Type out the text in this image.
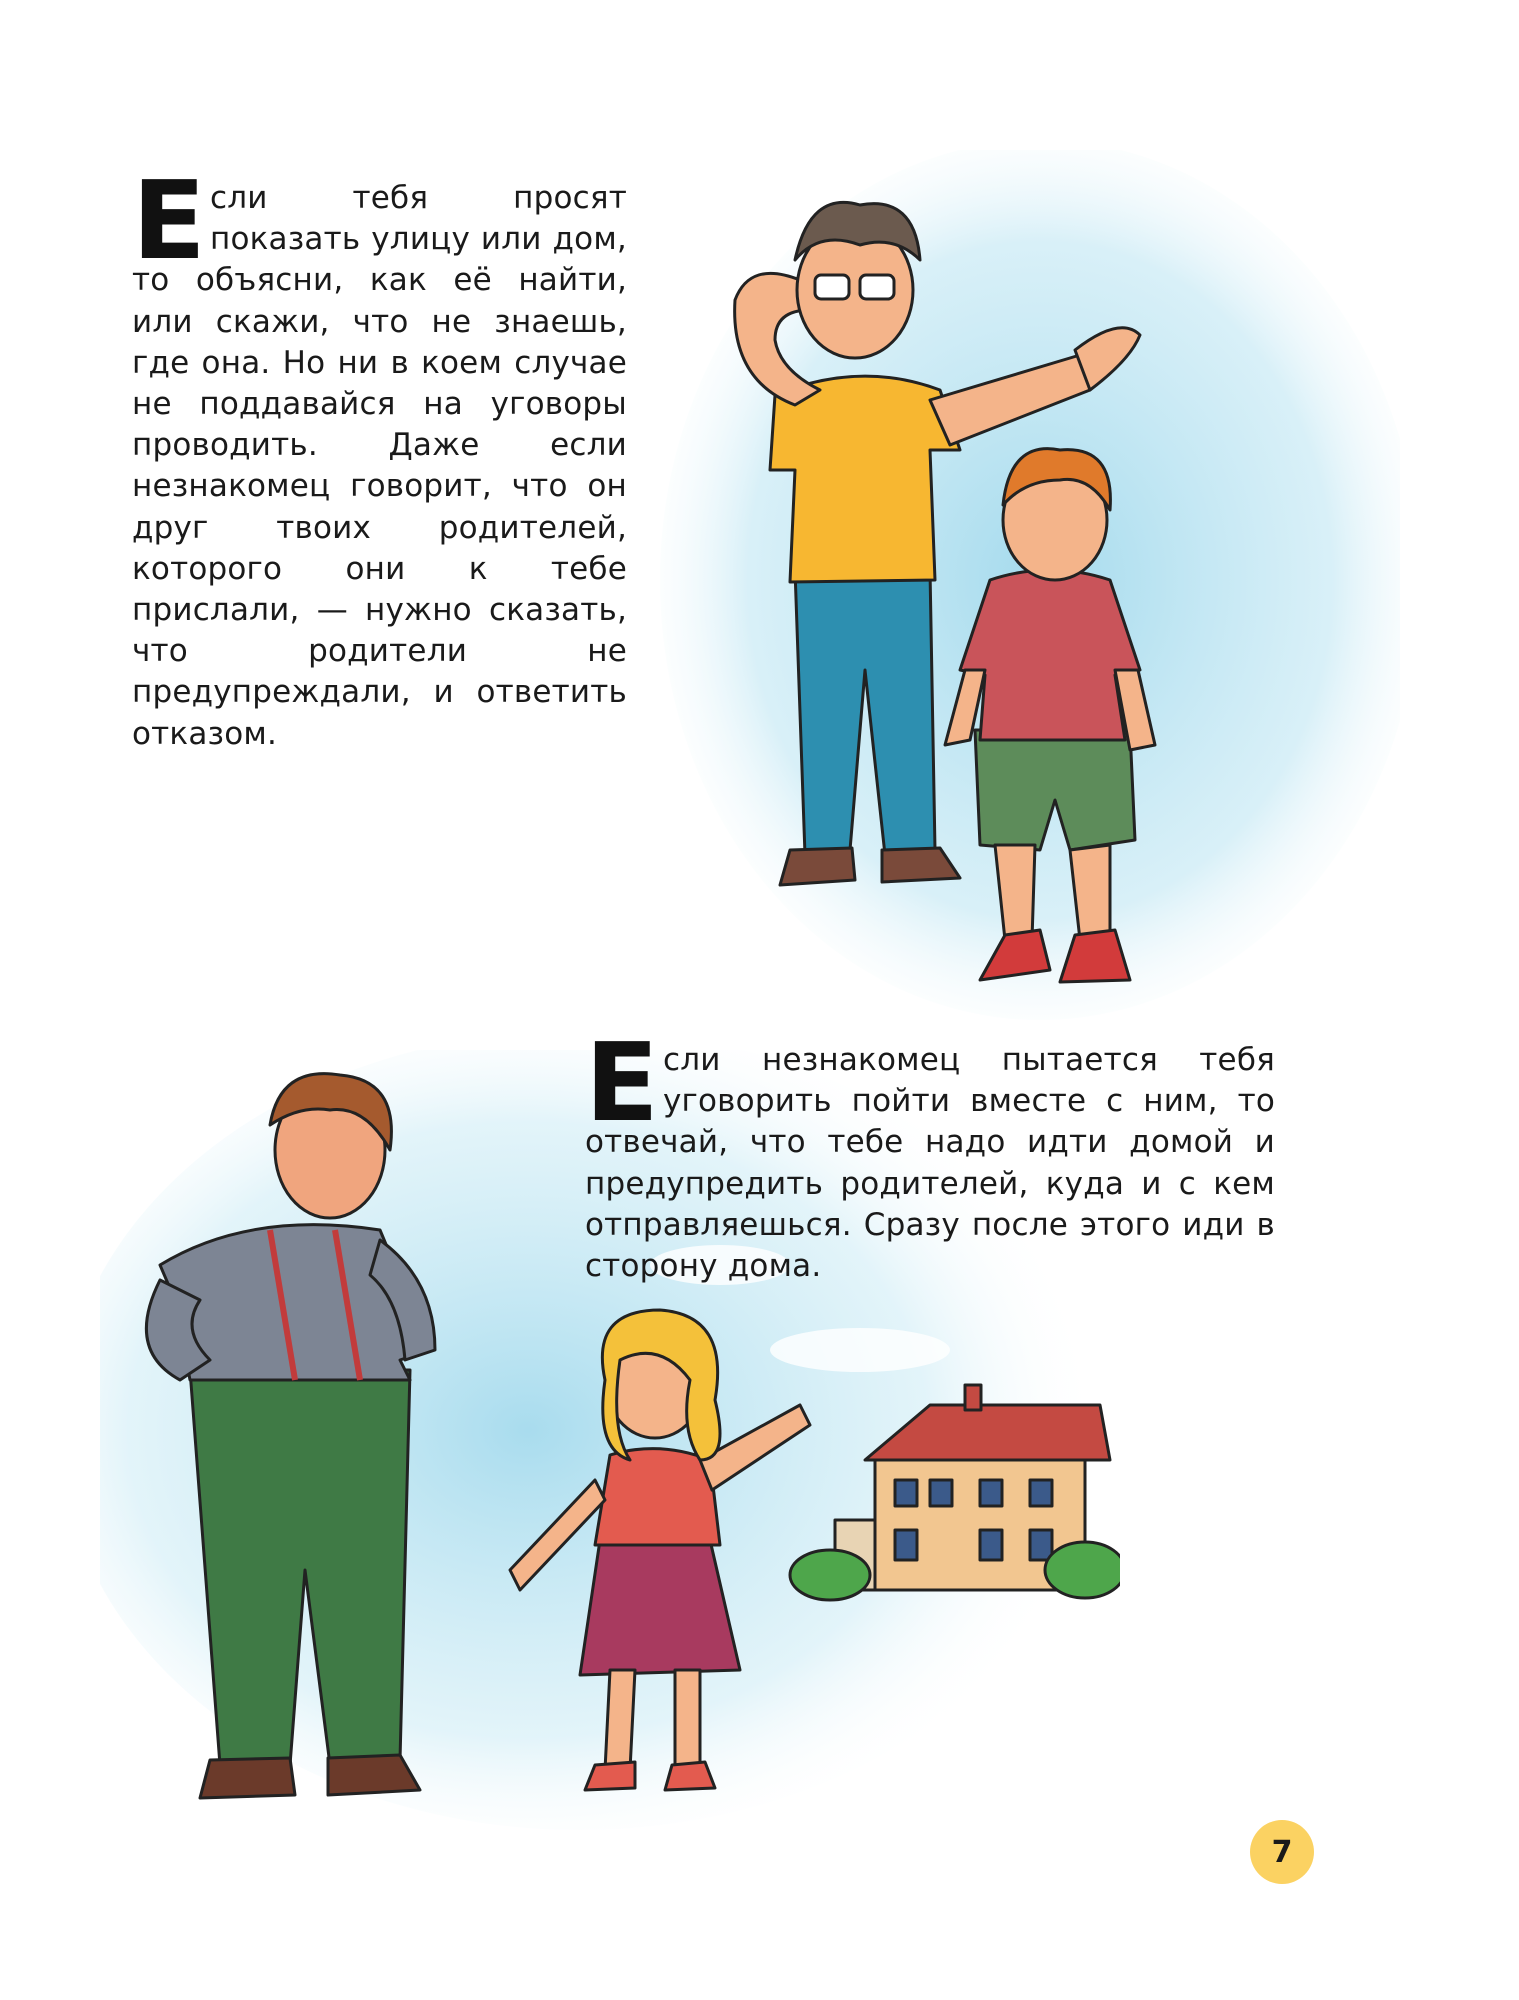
Е сли тебя просят показать улицу или дом, то объясни, как её найти, или скажи, что не знаешь, где она. Но ни в коем случае не поддавайся на уговоры проводить. Даже если незнакомец говорит, что он друг твоих родителей, которого они к тебе прислали, — нужно сказать, что родители не предупреждали, и ответить отказом.
Е сли незнакомец пытается тебя уговорить пойти вместе с ним, то отвечай, что тебе надо идти домой и предупредить родителей, куда и с кем отправляешься. Сразу после этого иди в сторону дома.
7
